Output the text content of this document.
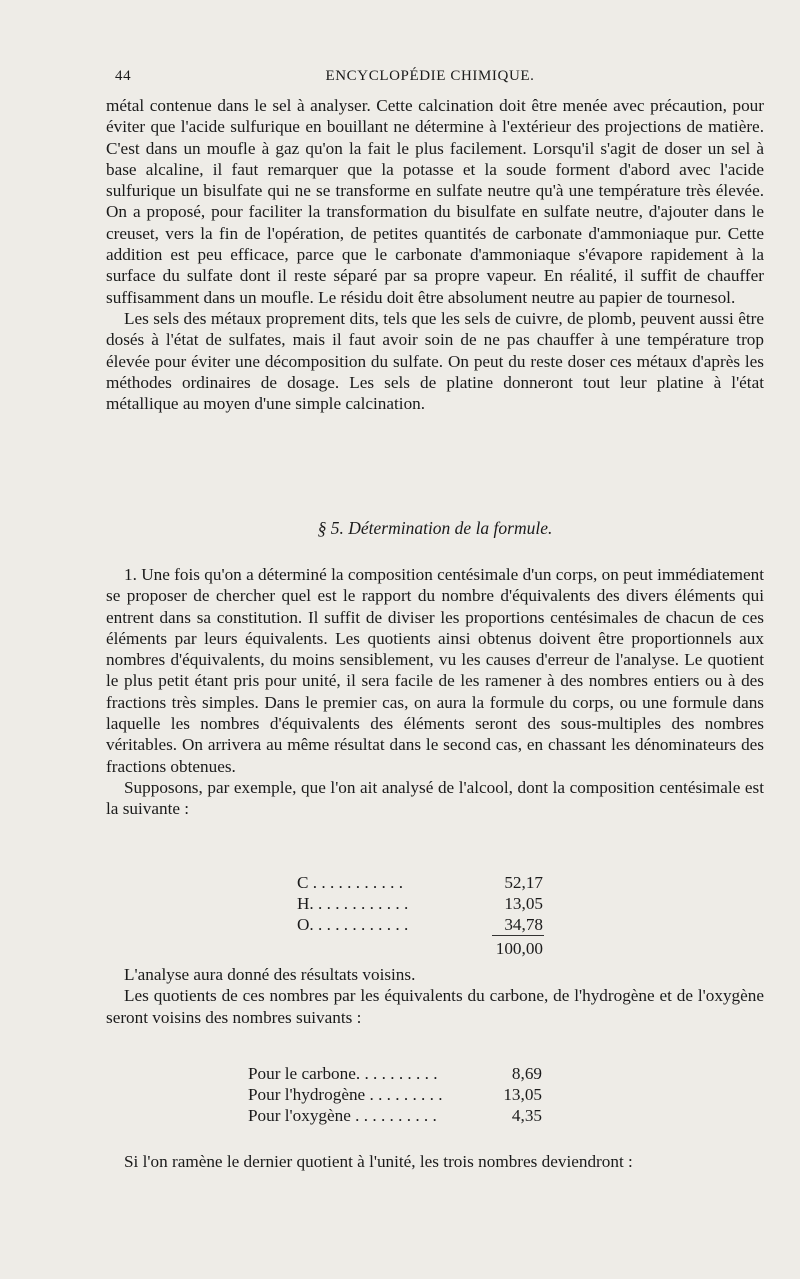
44	ENCYCLOPÉDIE CHIMIQUE.

métal contenue dans le sel à analyser. Cette calcination doit être menée avec précaution, pour éviter que l'acide sulfurique en bouillant ne détermine à l'extérieur des projections de matière. C'est dans un moufle à gaz qu'on la fait le plus facilement. Lorsqu'il s'agit de doser un sel à base alcaline, il faut remarquer que la potasse et la soude forment d'abord avec l'acide sulfurique un bisulfate qui ne se transforme en sulfate neutre qu'à une température très élevée. On a proposé, pour faciliter la transformation du bisulfate en sulfate neutre, d'ajouter dans le creuset, vers la fin de l'opération, de petites quantités de carbonate d'ammoniaque pur. Cette addition est peu efficace, parce que le carbonate d'ammoniaque s'évapore rapidement à la surface du sulfate dont il reste séparé par sa propre vapeur. En réalité, il suffit de chauffer suffisamment dans un moufle. Le résidu doit être absolument neutre au papier de tournesol.

Les sels des métaux proprement dits, tels que les sels de cuivre, de plomb, peuvent aussi être dosés à l'état de sulfates, mais il faut avoir soin de ne pas chauffer à une température trop élevée pour éviter une décomposition du sulfate. On peut du reste doser ces métaux d'après les méthodes ordinaires de dosage. Les sels de platine donneront tout leur platine à l'état métallique au moyen d'une simple calcination.

§ 5. Détermination de la formule.

1. Une fois qu'on a déterminé la composition centésimale d'un corps, on peut immédiatement se proposer de chercher quel est le rapport du nombre d'équivalents des divers éléments qui entrent dans sa constitution. Il suffit de diviser les proportions centésimales de chacun de ces éléments par leurs équivalents. Les quotients ainsi obtenus doivent être proportionnels aux nombres d'équivalents, du moins sensiblement, vu les causes d'erreur de l'analyse. Le quotient le plus petit étant pris pour unité, il sera facile de les ramener à des nombres entiers ou à des fractions très simples. Dans le premier cas, on aura la formule du corps, ou une formule dans laquelle les nombres d'équivalents des éléments seront des sous-multiples des nombres véritables. On arrivera au même résultat dans le second cas, en chassant les dénominateurs des fractions obtenues.

Supposons, par exemple, que l'on ait analysé de l'alcool, dont la composition centésimale est la suivante :

C . . . . . . . . . . .	52,17
H. . . . . . . . . . . .	13,05
O. . . . . . . . . . . .	34,78
100,00

L'analyse aura donné des résultats voisins.

Les quotients de ces nombres par les équivalents du carbone, de l'hydrogène et de l'oxygène seront voisins des nombres suivants :

Pour le carbone. . . . . . . . . .	8,69
Pour l'hydrogène . . . . . . . . .	13,05
Pour l'oxygène . . . . . . . . . .	4,35
Si l'on ramène le dernier quotient à l'unité, les trois nombres deviendront :
